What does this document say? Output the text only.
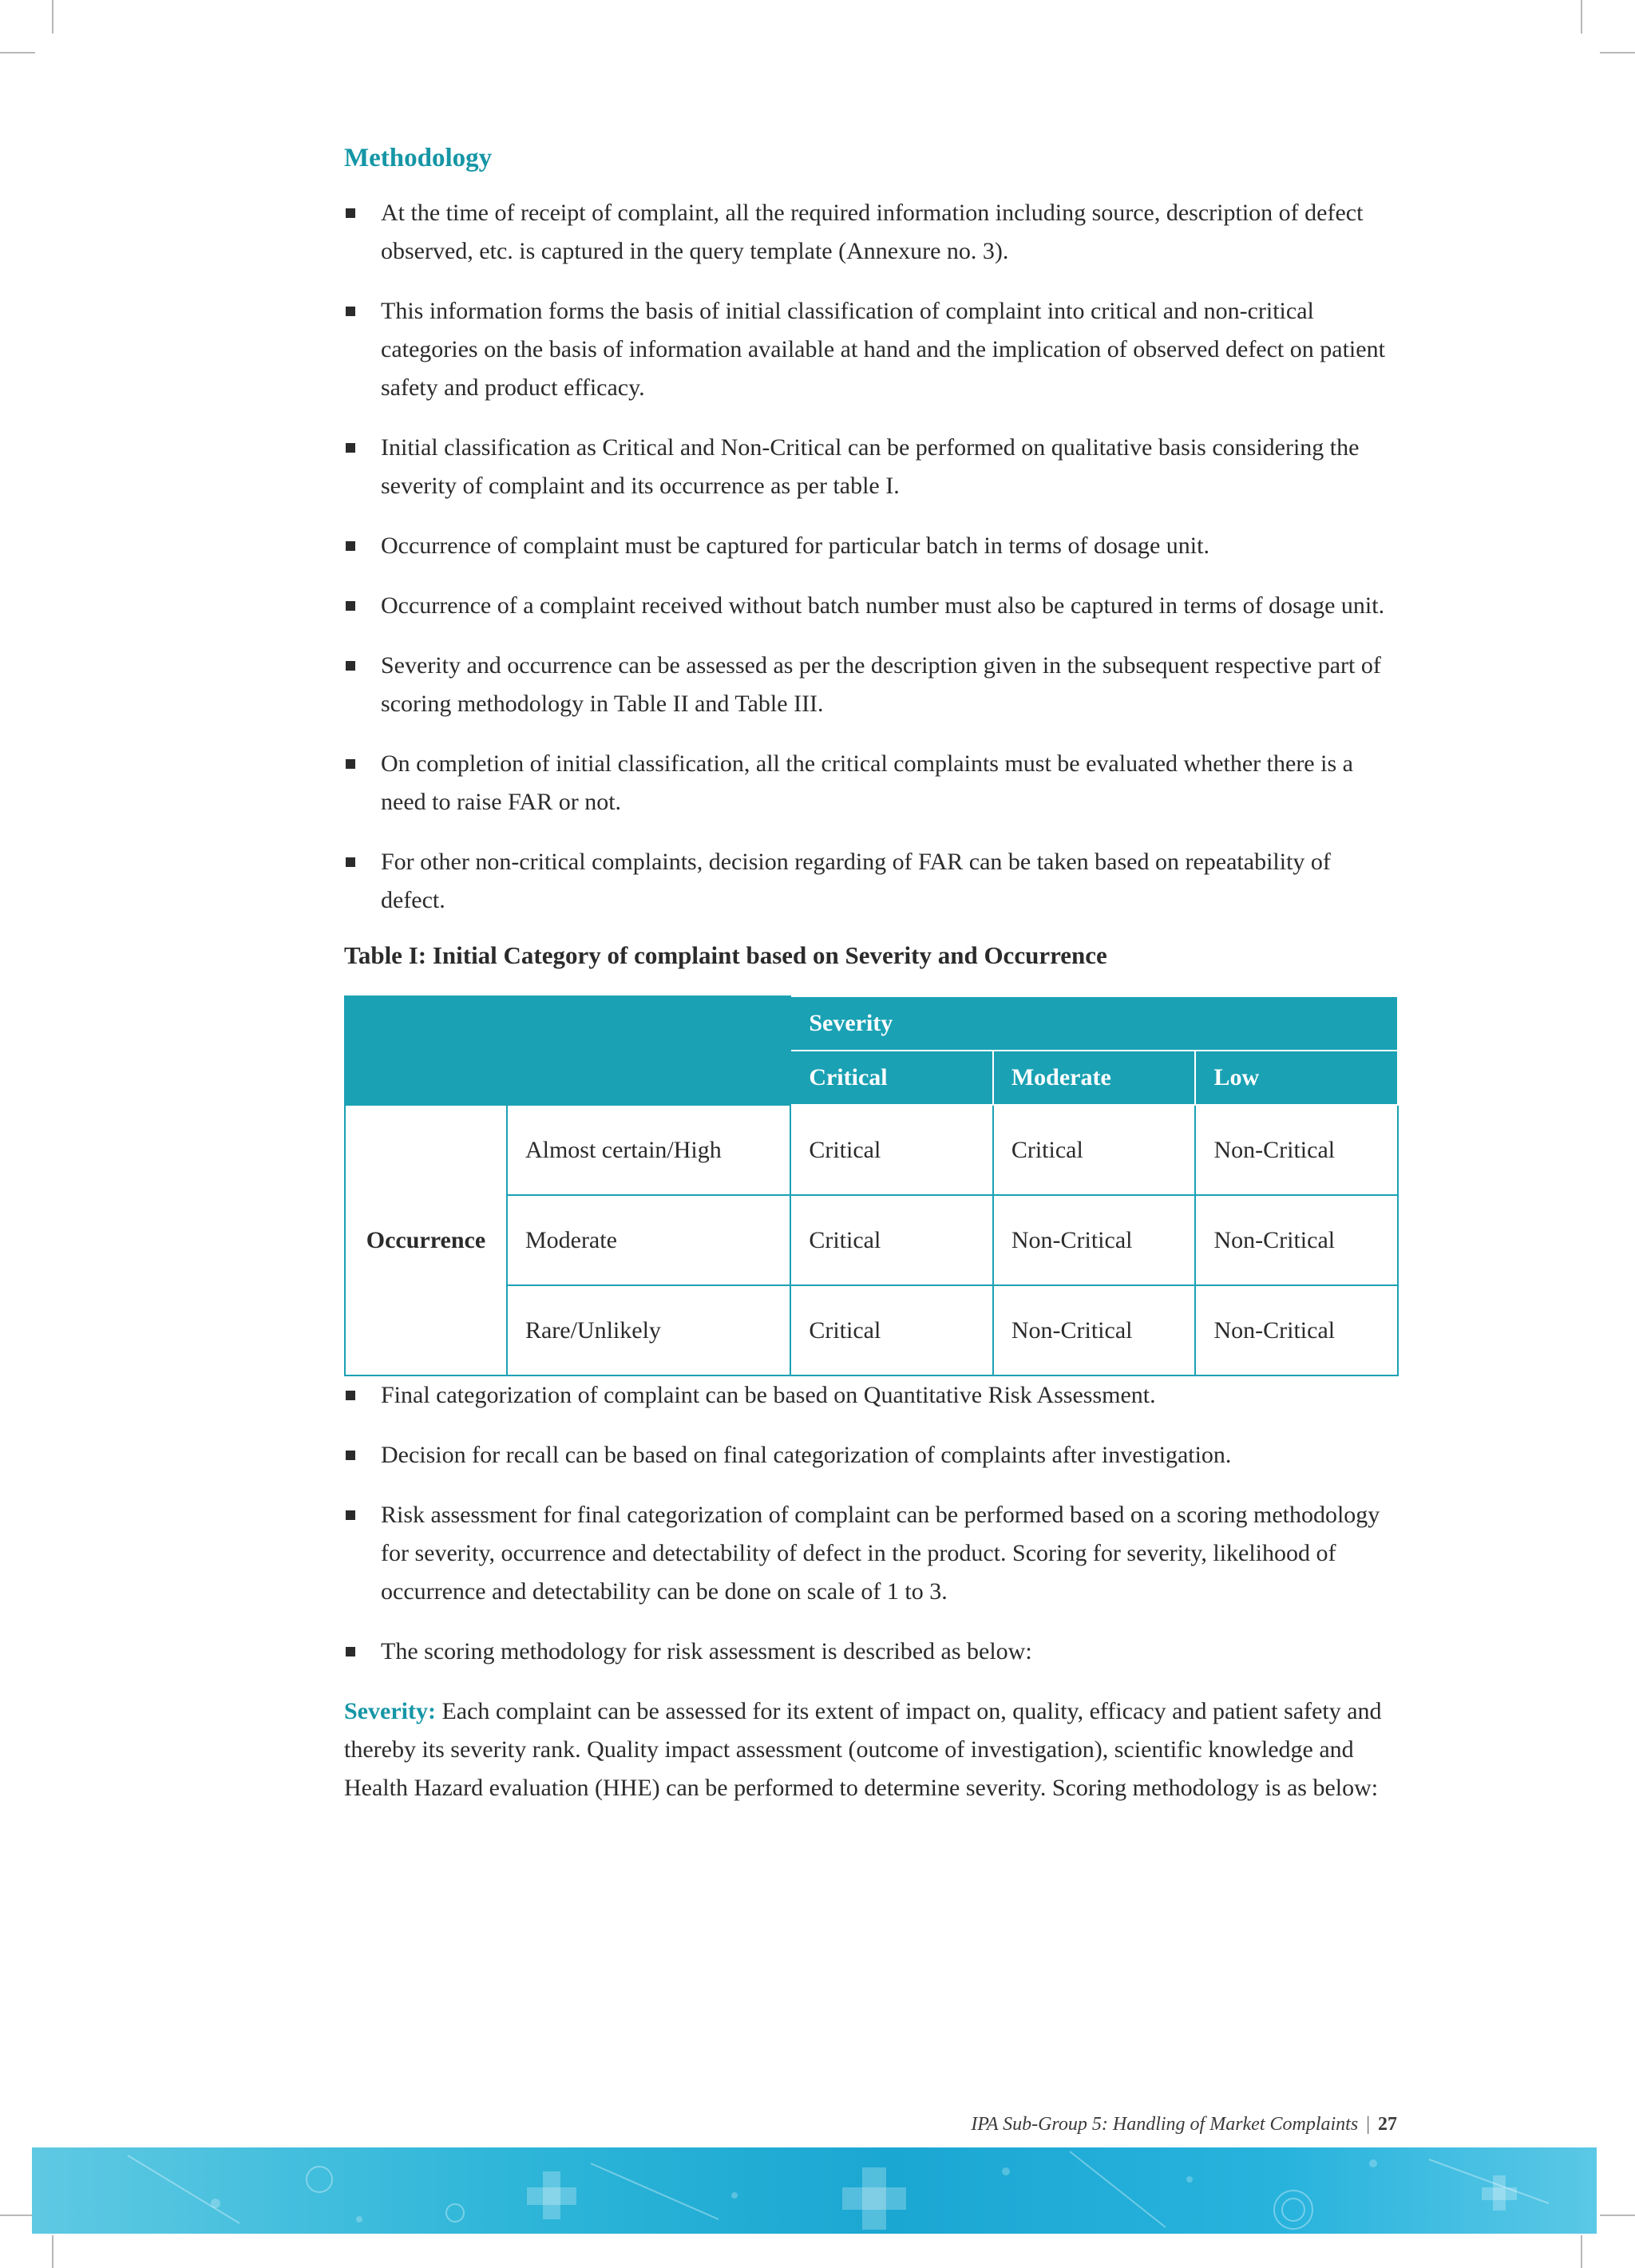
Methodology
At the time of receipt of complaint, all the required information including source, description of defect observed, etc. is captured in the query template (Annexure no. 3).
This information forms the basis of initial classification of complaint into critical and non-critical categories on the basis of information available at hand and the implication of observed defect on patient safety and product efficacy.
Initial classification as Critical and Non-Critical can be performed on qualitative basis considering the severity of complaint and its occurrence as per table I.
Occurrence of complaint must be captured for particular batch in terms of dosage unit.
Occurrence of a complaint received without batch number must also be captured in terms of dosage unit.
Severity and occurrence can be assessed as per the description given in the subsequent respective part of scoring methodology in Table II and Table III.
On completion of initial classification, all the critical complaints must be evaluated whether there is a need to raise FAR or not.
For other non-critical complaints, decision regarding of FAR can be taken based on repeatability of defect.
Table I: Initial Category of complaint based on Severity and Occurrence
		Severity		
		Critical	Moderate	Low
Occurrence	Almost certain/High	Critical	Critical	Non-Critical
	Moderate	Critical	Non-Critical	Non-Critical
	Rare/Unlikely	Critical	Non-Critical	Non-Critical
Final categorization of complaint can be based on Quantitative Risk Assessment.
Decision for recall can be based on final categorization of complaints after investigation.
Risk assessment for final categorization of complaint can be performed based on a scoring methodology for severity, occurrence and detectability of defect in the product. Scoring for severity, likelihood of occurrence and detectability can be done on scale of 1 to 3.
The scoring methodology for risk assessment is described as below:

Severity: Each complaint can be assessed for its extent of impact on, quality, efficacy and patient safety and thereby its severity rank. Quality impact assessment (outcome of investigation), scientific knowledge and Health Hazard evaluation (HHE) can be performed to determine severity. Scoring methodology is as below:

IPA Sub-Group 5: Handling of Market Complaints | 27
